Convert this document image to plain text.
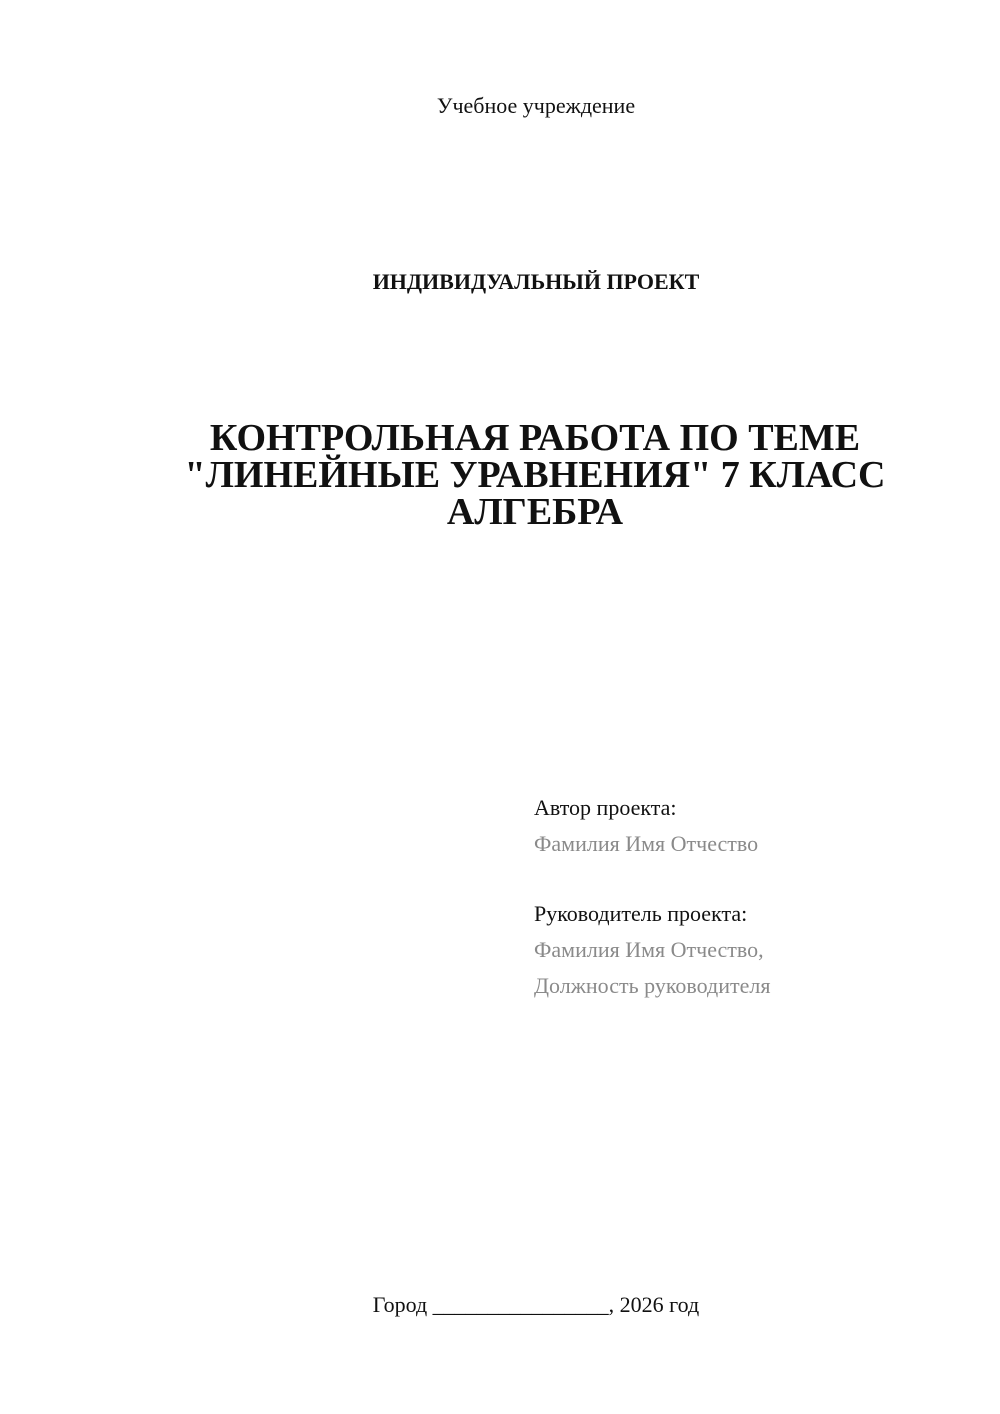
Учебное учреждение
ИНДИВИДУАЛЬНЫЙ ПРОЕКТ
КОНТРОЛЬНАЯ РАБОТА ПО ТЕМЕ
"ЛИНЕЙНЫЕ УРАВНЕНИЯ" 7 КЛАСС
АЛГЕБРА
Автор проекта:
Фамилия Имя Отчество
Руководитель проекта:
Фамилия Имя Отчество,
Должность руководителя
Город ________________, 2026 год
